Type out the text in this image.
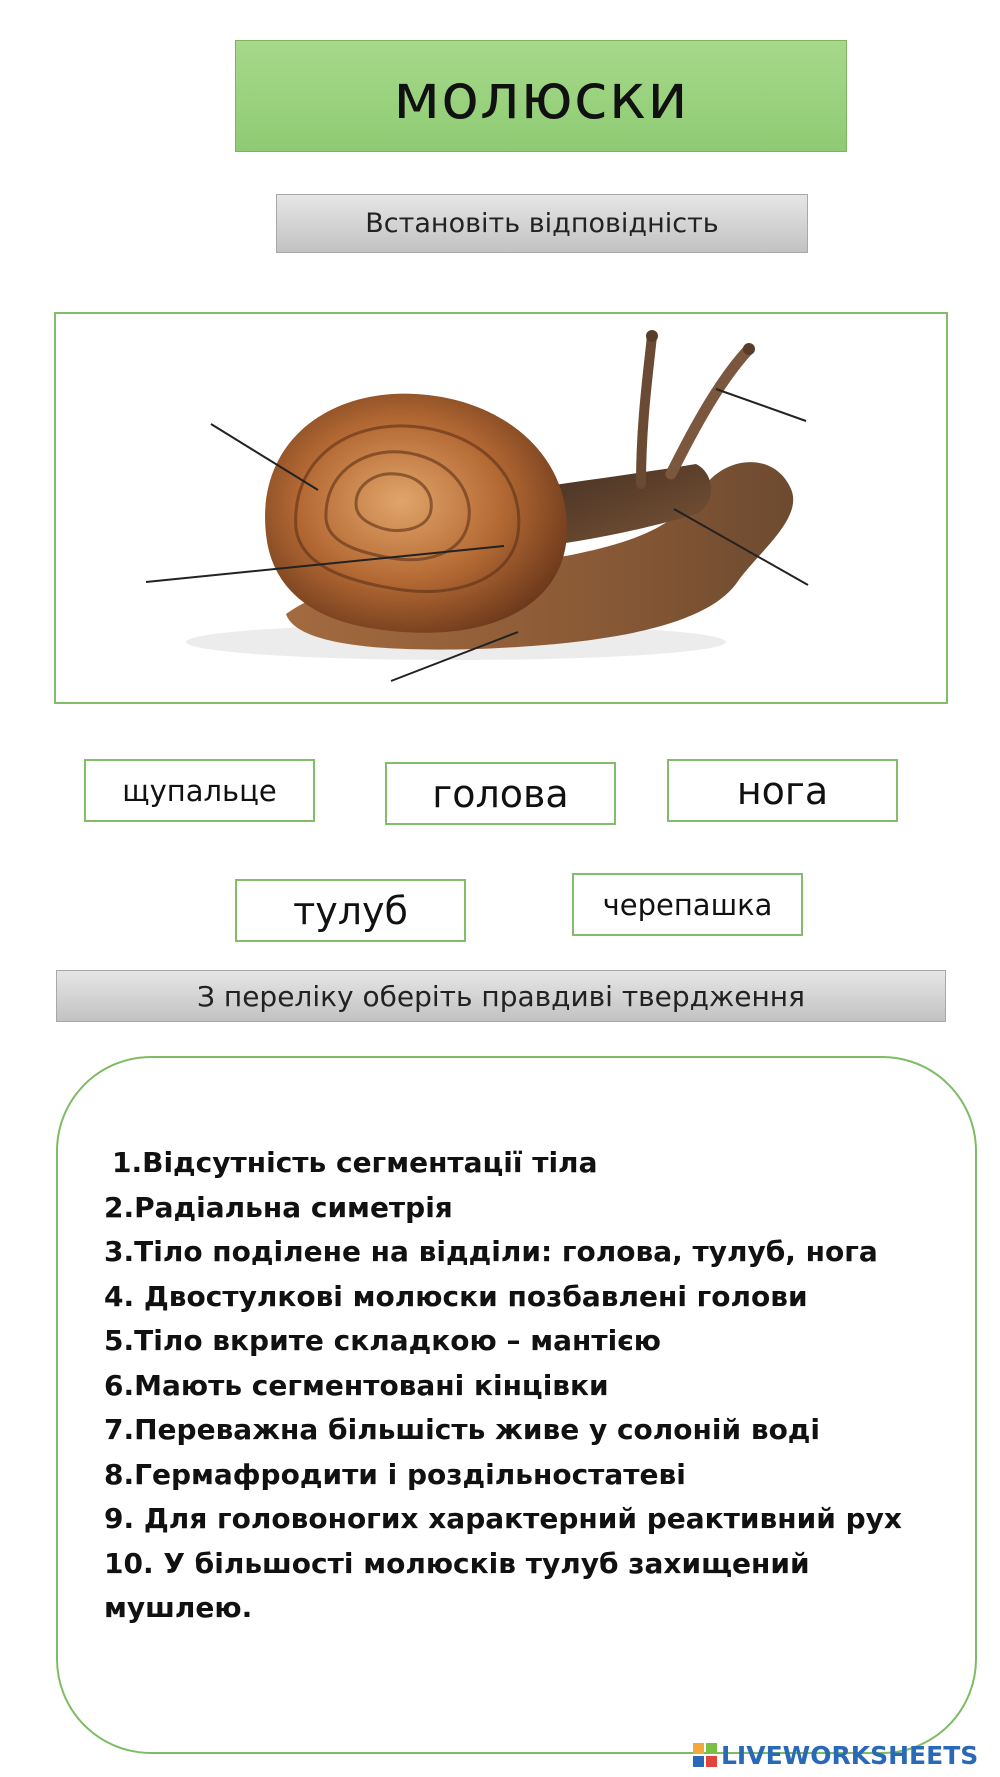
молюски
Встановіть відповідність
щупальце	голова	нога
тулуб	черепашка
З переліку оберіть правдиві твердження
1.Відсутність сегментації тіла
2.Радіальна симетрія
3.Тіло поділене на відділи: голова, тулуб, нога
4. Двостулкові молюски позбавлені голови
5.Тіло вкрите складкою – мантією
6.Мають сегментовані кінцівки
7.Переважна більшість живе у солоній воді
8.Гермафродити і роздільностатеві
9. Для головоногих характерний реактивний рух
10. У більшості молюсків тулуб захищений
мушлею.
LIVEWORKSHEETS
